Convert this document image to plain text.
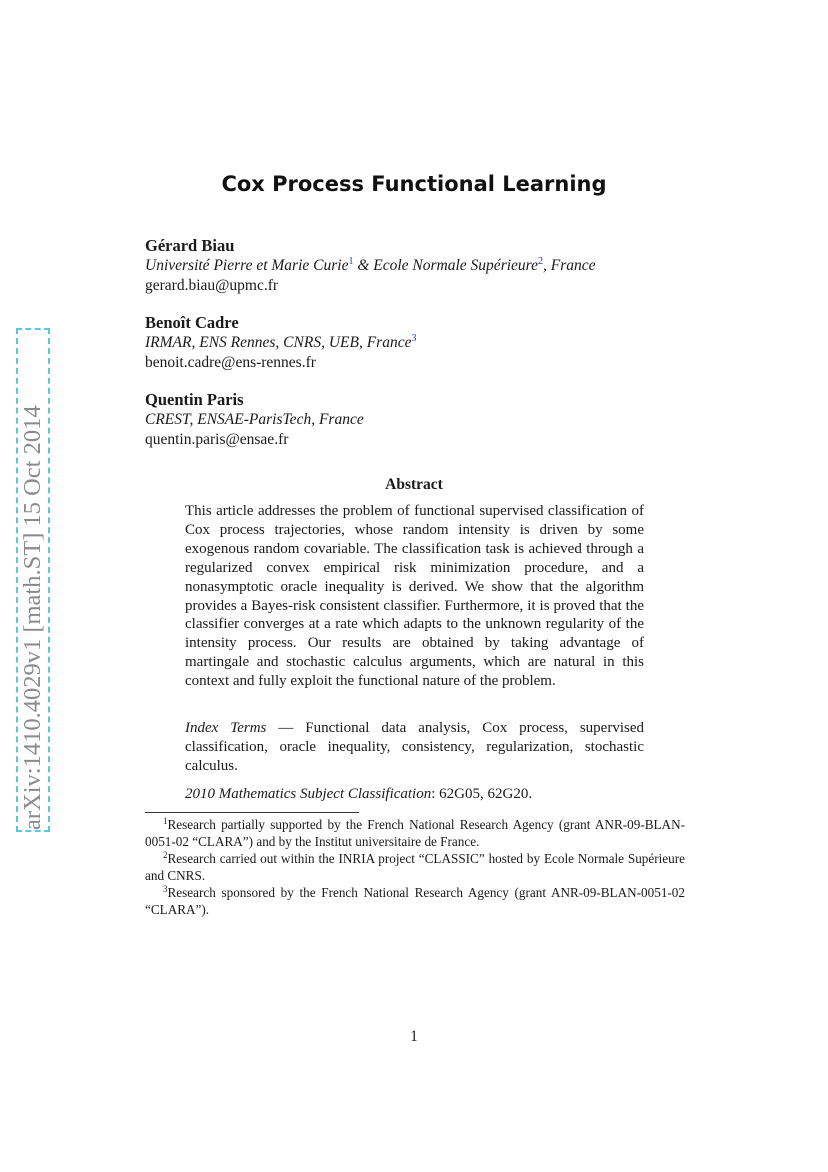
arXiv:1410.4029v1 [math.ST] 15 Oct 2014
Cox Process Functional Learning
Gérard Biau
Université Pierre et Marie Curie$^1$ & Ecole Normale Supérieure$^2$, France
gerard.biau@upmc.fr
Benoît Cadre
IRMAR, ENS Rennes, CNRS, UEB, France$^3$
benoit.cadre@ens-rennes.fr
Quentin Paris
CREST, ENSAE-ParisTech, France
quentin.paris@ensae.fr
Abstract
This article addresses the problem of functional supervised classification of Cox process trajectories, whose random intensity is driven by some exogenous random covariable. The classification task is achieved through a regularized convex empirical risk minimization procedure, and a nonasymptotic oracle inequality is derived. We show that the algorithm provides a Bayes-risk consistent classifier. Furthermore, it is proved that the classifier converges at a rate which adapts to the unknown regularity of the intensity process. Our results are obtained by taking advantage of martingale and stochastic calculus arguments, which are natural in this context and fully exploit the functional nature of the problem.
Index Terms — Functional data analysis, Cox process, supervised classification, oracle inequality, consistency, regularization, stochastic calculus.
2010 Mathematics Subject Classification: 62G05, 62G20.

$^1$Research partially supported by the French National Research Agency (grant ANR-09-BLAN-0051-02 “CLARA”) and by the Institut universitaire de France.

$^2$Research carried out within the INRIA project “CLASSIC” hosted by Ecole Normale Supérieure and CNRS.

$^3$Research sponsored by the French National Research Agency (grant ANR-09-BLAN-0051-02 “CLARA”).

1
